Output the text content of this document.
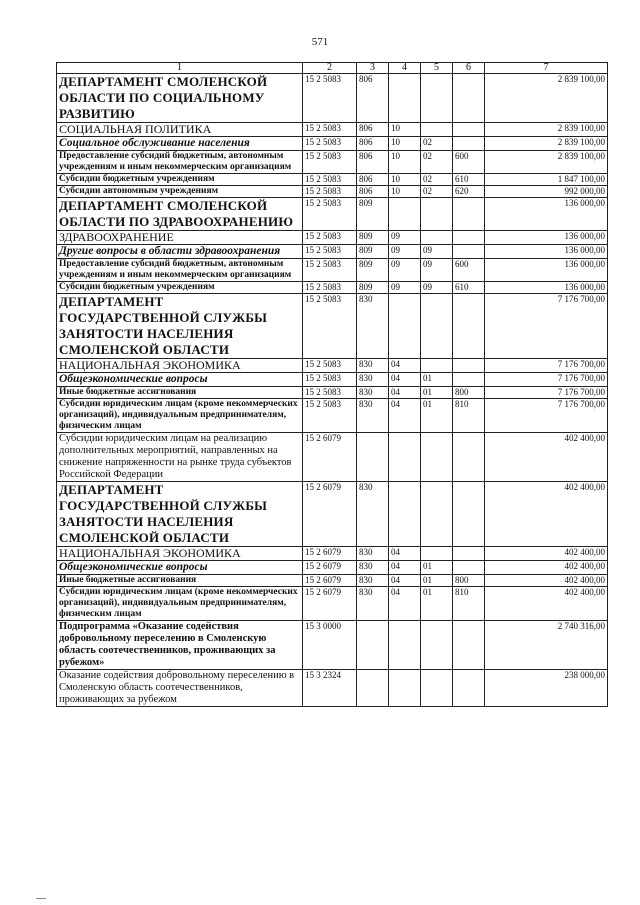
571
1	2	3	4	5	6	7
ДЕПАРТАМЕНТ СМОЛЕНСКОЙ ОБЛАСТИ ПО СОЦИАЛЬНОМУ РАЗВИТИЮ	15 2 5083	806				2 839 100,00
СОЦИАЛЬНАЯ ПОЛИТИКА	15 2 5083	806	10			2 839 100,00
Социальное обслуживание населения	15 2 5083	806	10	02		2 839 100,00
Предоставление субсидий бюджетным, автономным учреждениям и иным некоммерческим организациям	15 2 5083	806	10	02	600	2 839 100,00
Субсидии бюджетным учреждениям	15 2 5083	806	10	02	610	1 847 100,00
Субсидии автономным учреждениям	15 2 5083	806	10	02	620	992 000,00
ДЕПАРТАМЕНТ СМОЛЕНСКОЙ ОБЛАСТИ ПО ЗДРАВООХРАНЕНИЮ	15 2 5083	809				136 000,00
ЗДРАВООХРАНЕНИЕ	15 2 5083	809	09			136 000,00
Другие вопросы в области здравоохранения	15 2 5083	809	09	09		136 000,00
Предоставление субсидий бюджетным, автономным учреждениям и иным некоммерческим организациям	15 2 5083	809	09	09	600	136 000,00
Субсидии бюджетным учреждениям	15 2 5083	809	09	09	610	136 000,00
ДЕПАРТАМЕНТ ГОСУДАРСТВЕННОЙ СЛУЖБЫ ЗАНЯТОСТИ НАСЕЛЕНИЯ СМОЛЕНСКОЙ ОБЛАСТИ	15 2 5083	830				7 176 700,00
НАЦИОНАЛЬНАЯ ЭКОНОМИКА	15 2 5083	830	04			7 176 700,00
Общеэкономические вопросы	15 2 5083	830	04	01		7 176 700,00
Иные бюджетные ассигнования	15 2 5083	830	04	01	800	7 176 700,00
Субсидии юридическим лицам (кроме некоммерческих организаций), индивидуальным предпринимателям, физическим лицам	15 2 5083	830	04	01	810	7 176 700,00
Субсидии юридическим лицам на реализацию дополнительных мероприятий, направленных на снижение напряженности на рынке труда субъектов Российской Федерации	15 2 6079					402 400,00
ДЕПАРТАМЕНТ ГОСУДАРСТВЕННОЙ СЛУЖБЫ ЗАНЯТОСТИ НАСЕЛЕНИЯ СМОЛЕНСКОЙ ОБЛАСТИ	15 2 6079	830				402 400,00
НАЦИОНАЛЬНАЯ ЭКОНОМИКА	15 2 6079	830	04			402 400,00
Общеэкономические вопросы	15 2 6079	830	04	01		402 400,00
Иные бюджетные ассигнования	15 2 6079	830	04	01	800	402 400,00
Субсидии юридическим лицам (кроме некоммерческих организаций), индивидуальным предпринимателям, физическим лицам	15 2 6079	830	04	01	810	402 400,00
Подпрограмма «Оказание содействия добровольному переселению в Смоленскую область соотечественников, проживающих за рубежом»	15 3 0000					2 740 316,00
Оказание содействия добровольному переселению в Смоленскую область соотечественников, проживающих за рубежом	15 3 2324					238 000,00
